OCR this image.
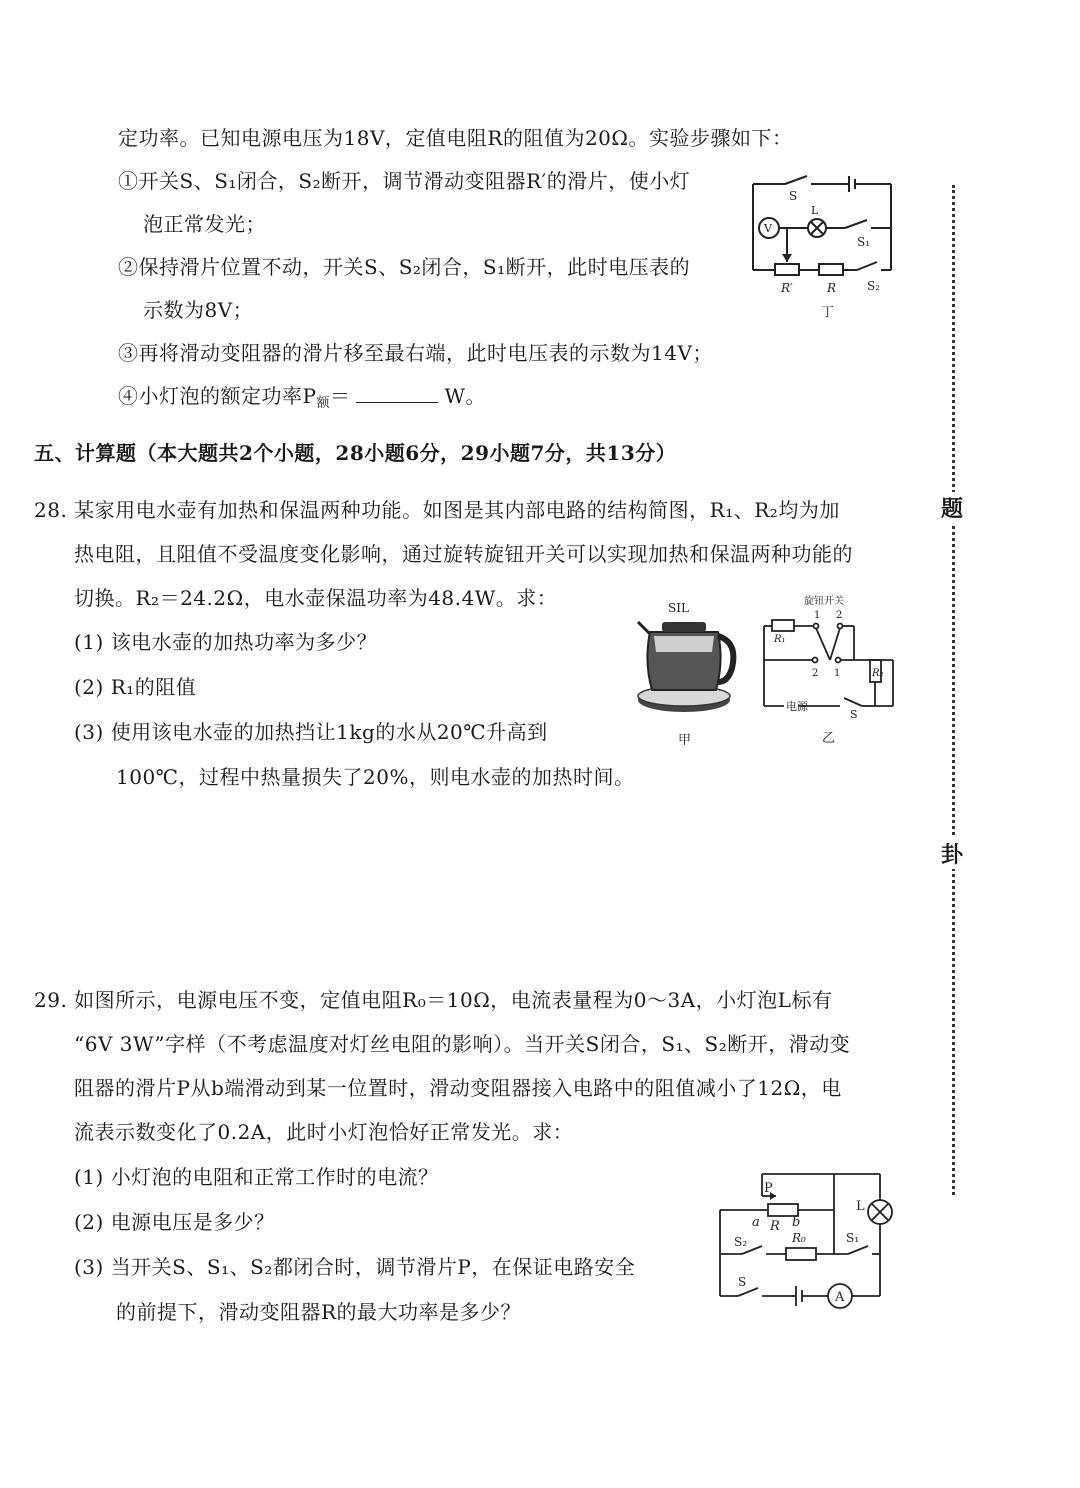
定功率。已知电源电压为18V，定值电阻R的阻值为20Ω。实验步骤如下：
①开关S、S₁闭合，S₂断开，调节滑动变阻器R′的滑片，使小灯
泡正常发光；
②保持滑片位置不动，开关S、S₂闭合，S₁断开，此时电压表的
示数为8V；
③再将滑动变阻器的滑片移至最右端，此时电压表的示数为14V；
④小灯泡的额定功率$P_额=$	W。
S
V
L
S₁
R′	R	S₂
丁
五、计算题（本大题共2个小题，28小题6分，29小题7分，共13分）
28. 某家用电水壶有加热和保温两种功能。如图是其内部电路的结构简图，R₁、R₂均为加
热电阻，且阻值不受温度变化影响，通过旋转旋钮开关可以实现加热和保温两种功能的
切换。R₂＝24.2Ω，电水壶保温功率为48.4W。求：
(1) 该电水壶的加热功率为多少？
(2) R₁的阻值
(3) 使用该电水壶的加热挡让1kg的水从20℃升高到
100℃，过程中热量损失了20%，则电水壶的加热时间。
SIL
甲
旋钮开关
1 2
R₁
2 1	R₂
电源
S
乙
29. 如图所示，电源电压不变，定值电阻R₀＝10Ω，电流表量程为0～3A，小灯泡L标有
“6V 3W”字样（不考虑温度对灯丝电阻的影响）。当开关S闭合，S₁、S₂断开，滑动变
阻器的滑片P从b端滑动到某一位置时，滑动变阻器接入电路中的阻值减小了12Ω，电
流表示数变化了0.2A，此时小灯泡恰好正常发光。求：
(1) 小灯泡的电阻和正常工作时的电流？
(2) 电源电压是多少？
(3) 当开关S、S₁、S₂都闭合时，调节滑片P，在保证电路安全
的前提下，滑动变阻器R的最大功率是多少？
P
a R b
L
S₂	R₀	S₁
S
A
题
卦
